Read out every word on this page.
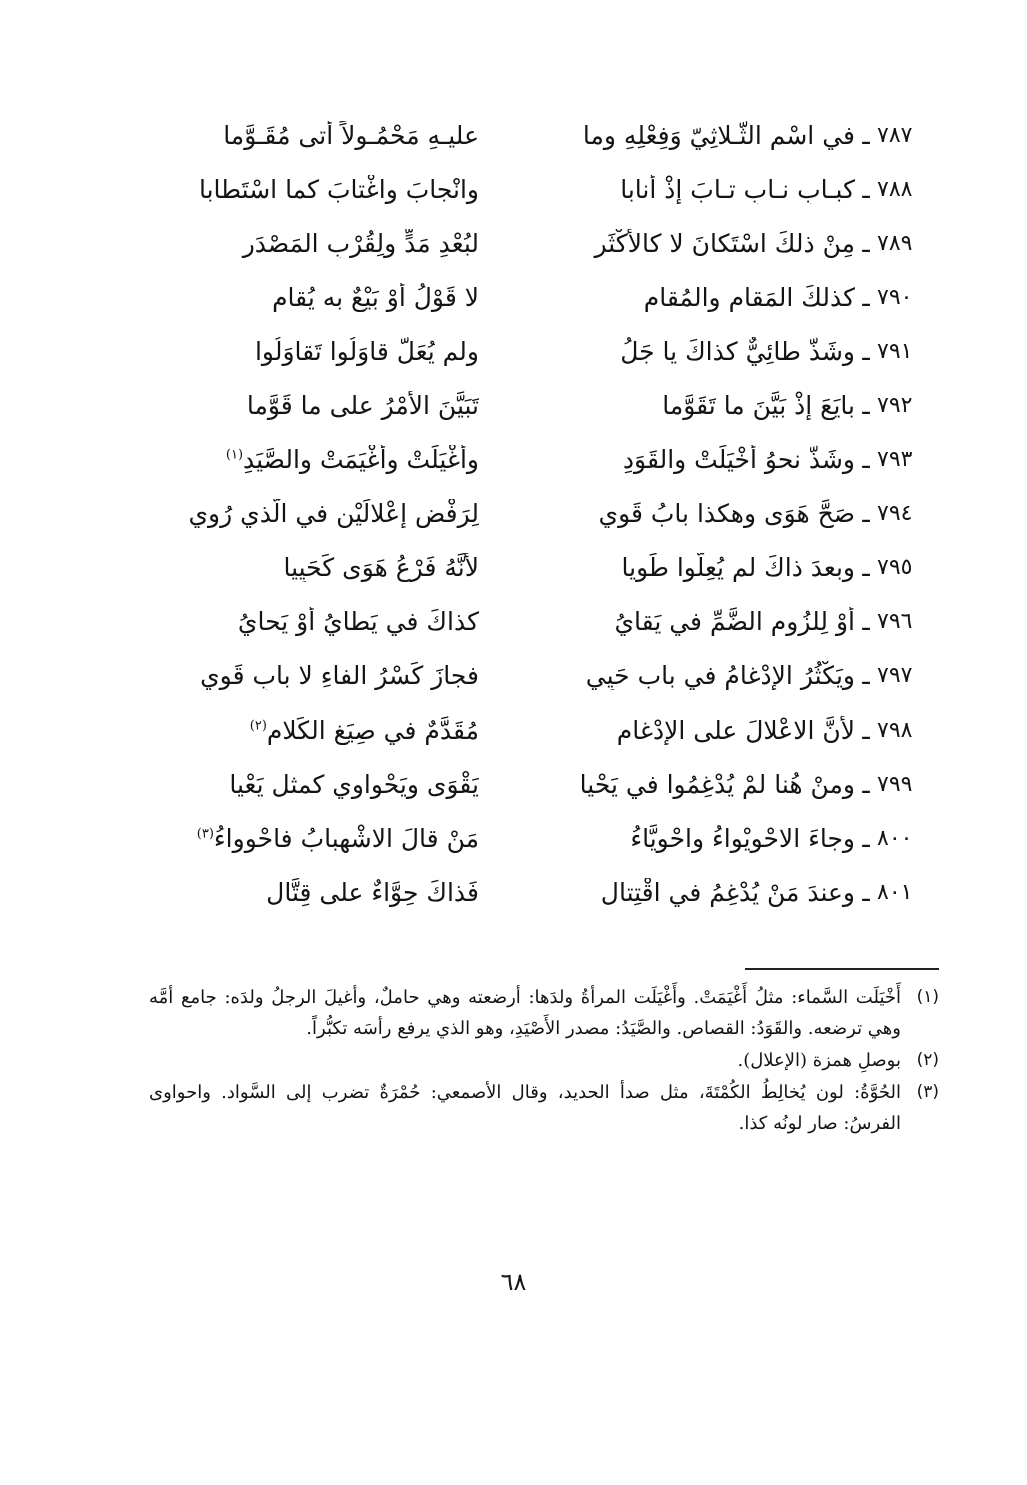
٧٨٧
ـ
في اسْمِ الثُّـلاثِيّ وَفِعْلِهِ وما
عليـهِ مَحْمُـولاً أتى مُقَـوَّما
٧٨٨
ـ
كبـابِ نـابِ تـابَ إِذْ أنابا
وانْجابَ واغْتابَ كما اسْتَطابا
٧٨٩
ـ
مِنْ ذلكَ اسْتَكانَ لا كالأكْثَرِ
لبُعْدِ مَدٍّ ولِقُرْبِ المَصْدَرِ
٧٩٠
ـ
كذلكَ المَقام والمُقام
لا قَوْلُ أوْ بَيْعٌ به يُقام
٧٩١
ـ
وشَذَّ طائِيٌّ كذاكَ يا جَلُ
ولم يُعَلَّ قاوَلُوا تَقاوَلُوا
٧٩٢
ـ
بايَعَ إذْ بَيَّنَ ما تَقَوَّما
تَبَيَّنَ الأَمْرُ على ما قَوَّما
٧٩٣
ـ
وشَذَّ نحوُ أَخْيَلَتْ والقَوَدِ
وأغْيَلَتْ وأغْيَمَتْ والصَّيَدِ$^{(١)}$
٧٩٤
ـ
صَحَّ هَوَى وهكذا بابُ قَوِي
لِرَفْضِ إعْلالَيْنِ في الَّذي رُوِي
٧٩٥
ـ
وبعدَ ذاكَ لم يُعِلُّوا طَوِيا
لأنَّهُ فَرْعُ هَوَى كَحَيِيا
٧٩٦
ـ
أوْ لِلزُومِ الضَّمِّ في يَقايُ
كذاكَ في يَطايُ أوْ يَحايُ
٧٩٧
ـ
ويَكْثُرُ الإدْغامُ في باب حَيِي
فجازَ كَسْرُ الفاءِ لا بابِ قَوِي
٧٩٨
ـ
لأنَّ الاعْلالَ على الإدْغامِ
مُقَدَّمٌ في صِيَغِ الكَلامِ$^{(٢)}$
٧٩٩
ـ
ومنْ هُنا لمْ يُدْغِمُوا في يَحْيا
يَقْوَى ويَحْواوِي كمثلِ يَعْيا
٨٠٠
ـ
وجاءَ الاحْوِيْواءُ واحْوِيَّاءُ
مَنْ قالَ الاشْهِبابُ فاحْوِواءُ$^{(٣)}$
٨٠١
ـ
وعندَ مَنْ يُدْغِمُ في اقْتِتالِ
فَذاكَ حِوَّاءٌ على قِتَّالِ
(١)
أَخْيَلَت السَّماء: مثلُ أَغْيَمَتْ. وأَغْيَلَت المرأةُ ولدَها: أرضعته وهي حاملٌ، وأغيلَ الرجلُ ولدَه: جامع أمَّه وهي ترضعه. والقَوَدُ: القصاص. والصَّيَدُ: مصدر الأَصْيَدِ، وهو الذي يرفع رأسَه تكبُّراً.
(٢)
بوصلِ همزة (الإعلال).
(٣)
الحُوَّةُ: لون يُخالِطُ الكُمْتَةَ، مثل صدأ الحديد، وقال الأصمعي: حُمْرَةٌ تضرب إلى السَّواد. واحواوى الفرسُ: صار لونُه كذا.
٦٨
